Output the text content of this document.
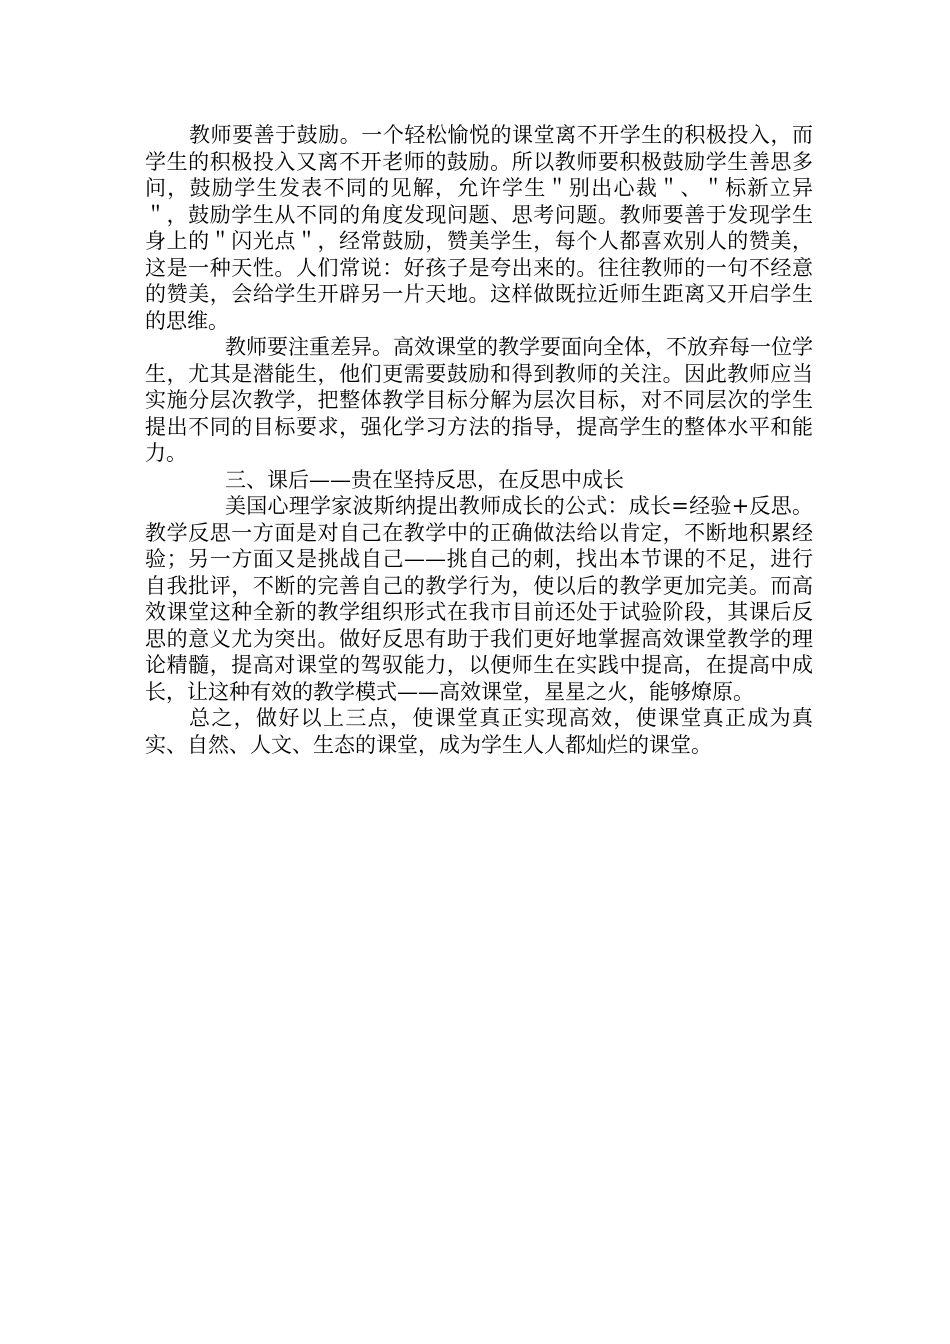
教师要善于鼓励。一个轻松愉悦的课堂离不开学生的积极投入，而学生的积极投入又离不开老师的鼓励。所以教师要积极鼓励学生善思多问，鼓励学生发表不同的见解，允许学生＂别出心裁＂、＂标新立异＂，鼓励学生从不同的角度发现问题、思考问题。教师要善于发现学生身上的＂闪光点＂，经常鼓励，赞美学生，每个人都喜欢别人的赞美，这是一种天性。人们常说：好孩子是夸出来的。往往教师的一句不经意的赞美，会给学生开辟另一片天地。这样做既拉近师生距离又开启学生的思维。

教师要注重差异。高效课堂的教学要面向全体，不放弃每一位学生，尤其是潜能生，他们更需要鼓励和得到教师的关注。因此教师应当实施分层次教学，把整体教学目标分解为层次目标，对不同层次的学生提出不同的目标要求，强化学习方法的指导，提高学生的整体水平和能力。

三、课后——贵在坚持反思，在反思中成长

美国心理学家波斯纳提出教师成长的公式：成长=经验+反思。教学反思一方面是对自己在教学中的正确做法给以肯定，不断地积累经验；另一方面又是挑战自己——挑自己的刺，找出本节课的不足，进行自我批评，不断的完善自己的教学行为，使以后的教学更加完美。而高效课堂这种全新的教学组织形式在我市目前还处于试验阶段，其课后反思的意义尤为突出。做好反思有助于我们更好地掌握高效课堂教学的理论精髓，提高对课堂的驾驭能力，以便师生在实践中提高，在提高中成长，让这种有效的教学模式——高效课堂，星星之火，能够燎原。

总之，做好以上三点，使课堂真正实现高效，使课堂真正成为真实、自然、人文、生态的课堂，成为学生人人都灿烂的课堂。
